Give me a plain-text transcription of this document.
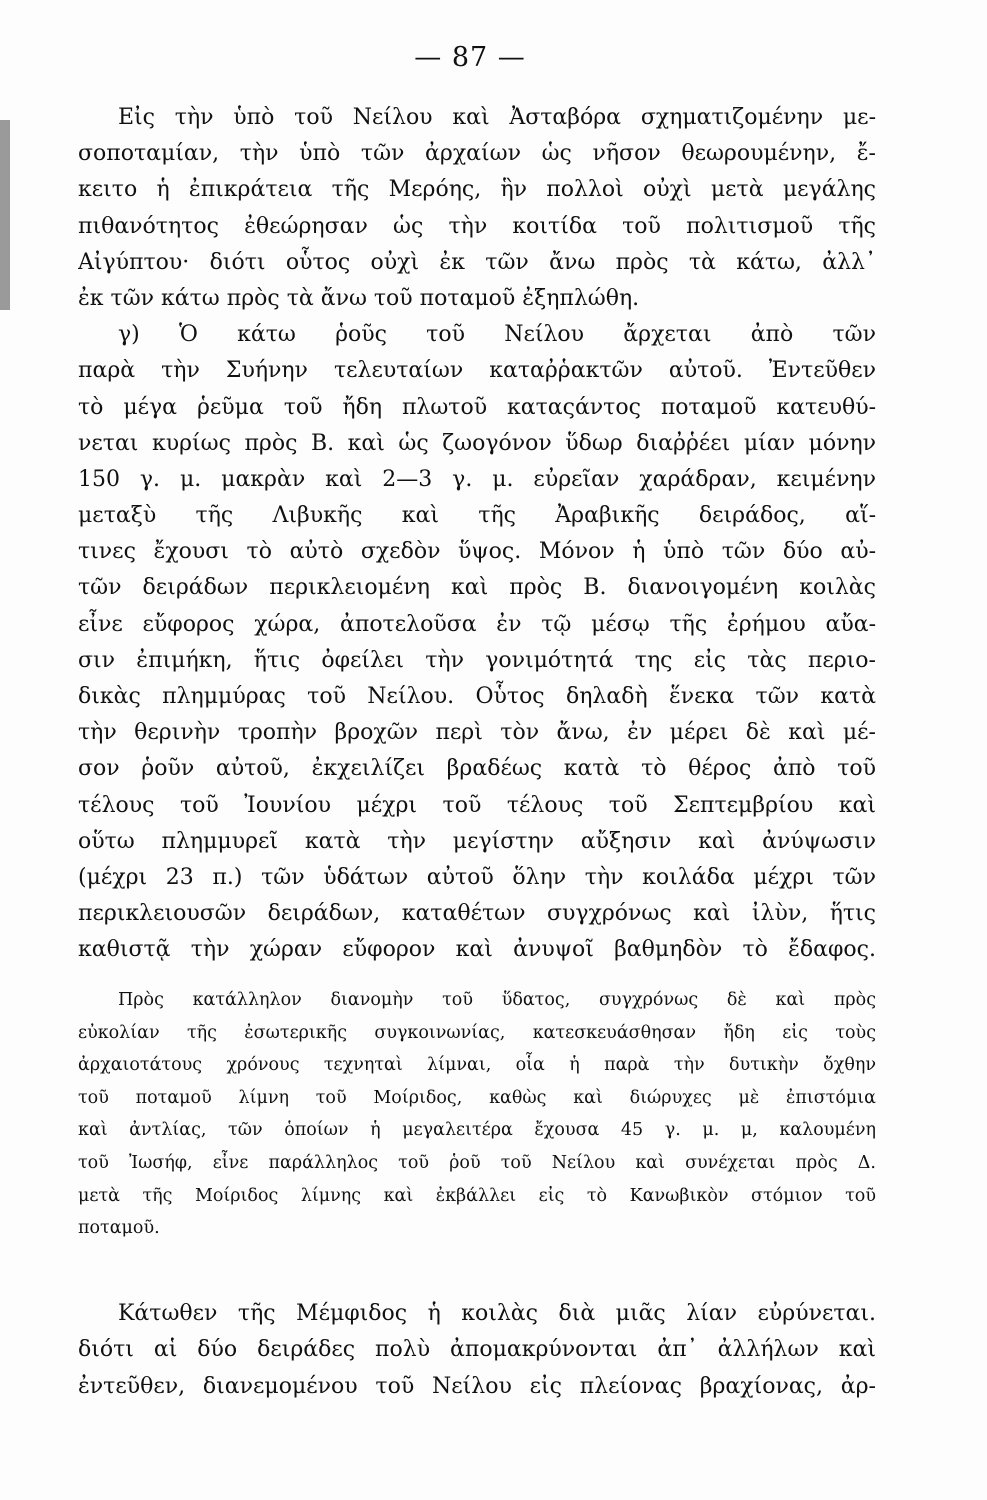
— 87 —
Εἰς τὴν ὑπὸ τοῦ Νείλου καὶ Ἀσταβόρα σχηματιζομένην με-
σοποταμίαν, τὴν ὑπὸ τῶν ἀρχαίων ὡς νῆσον θεωρουμένην, ἔ-
κειτο ἡ ἐπικράτεια τῆς Μερόης, ἣν πολλοὶ οὐχὶ μετὰ μεγάλης
πιθανότητος ἐθεώρησαν ὡς τὴν κοιτίδα τοῦ πολιτισμοῦ τῆς
Αἰγύπτου· διότι οὗτος οὐχὶ ἐκ τῶν ἄνω πρὸς τὰ κάτω, ἀλλ᾽
ἐκ τῶν κάτω πρὸς τὰ ἄνω τοῦ ποταμοῦ ἐξηπλώθη.
γ) Ὁ κάτω ῥοῦς τοῦ Νείλου ἄρχεται ἀπὸ τῶν
παρὰ τὴν Συήνην τελευταίων καταῤῥακτῶν αὐτοῦ. Ἐντεῦθεν
τὸ μέγα ῥεῦμα τοῦ ἤδη πλωτοῦ καταςάντος ποταμοῦ κατευθύ-
νεται κυρίως πρὸς Β. καὶ ὡς ζωογόνον ὕδωρ διαῤῥέει μίαν μόνην
150 γ. μ. μακρὰν καὶ 2—3 γ. μ. εὐρεῖαν χαράδραν, κειμένην
μεταξὺ τῆς Λιβυκῆς καὶ τῆς Ἀραβικῆς δειράδος, αἵ-
τινες ἔχουσι τὸ αὐτὸ σχεδὸν ὕψος. Μόνον ἡ ὑπὸ τῶν δύο αὐ-
τῶν δειράδων περικλειομένη καὶ πρὸς Β. διανοιγομένη κοιλὰς
εἶνε εὔφορος χώρα, ἀποτελοῦσα ἐν τῷ μέσῳ τῆς ἐρήμου αὔα-
σιν ἐπιμήκη, ἥτις ὀφείλει τὴν γονιμότητά της εἰς τὰς περιο-
δικὰς πλημμύρας τοῦ Νείλου. Οὗτος δηλαδὴ ἕνεκα τῶν κατὰ
τὴν θερινὴν τροπὴν βροχῶν περὶ τὸν ἄνω, ἐν μέρει δὲ καὶ μέ-
σον ῥοῦν αὐτοῦ, ἐκχειλίζει βραδέως κατὰ τὸ θέρος ἀπὸ τοῦ
τέλους τοῦ Ἰουνίου μέχρι τοῦ τέλους τοῦ Σεπτεμβρίου καὶ
οὕτω πλημμυρεῖ κατὰ τὴν μεγίστην αὔξησιν καὶ ἀνύψωσιν
(μέχρι 23 π.) τῶν ὑδάτων αὐτοῦ ὅλην τὴν κοιλάδα μέχρι τῶν
περικλειουσῶν δειράδων, καταθέτων συγχρόνως καὶ ἰλὺν, ἥτις
καθιστᾷ τὴν χώραν εὔφορον καὶ ἀνυψοῖ βαθμηδὸν τὸ ἔδαφος.
Πρὸς κατάλληλον διανομὴν τοῦ ὕδατος, συγχρόνως δὲ καὶ πρὸς
εὐκολίαν τῆς ἐσωτερικῆς συγκοινωνίας, κατεσκευάσθησαν ἤδη εἰς τοὺς
ἀρχαιοτάτους χρόνους τεχνηταὶ λίμναι, οἷα ἡ παρὰ τὴν δυτικὴν ὄχθην
τοῦ ποταμοῦ λίμνη τοῦ Μοίριδος, καθὼς καὶ διώρυχες μὲ ἐπιστόμια
καὶ ἀντλίας, τῶν ὁποίων ἡ μεγαλειτέρα ἔχουσα 45 γ. μ. μ, καλουμένη
τοῦ Ἰωσήφ, εἶνε παράλληλος τοῦ ῥοῦ τοῦ Νείλου καὶ συνέχεται πρὸς Δ.
μετὰ τῆς Μοίριδος λίμνης καὶ ἐκβάλλει εἰς τὸ Κανωβικὸν στόμιον τοῦ
ποταμοῦ.
Κάτωθεν τῆς Μέμφιδος ἡ κοιλὰς διὰ μιᾶς λίαν εὐρύνεται.
διότι αἱ δύο δειράδες πολὺ ἀπομακρύνονται ἀπ᾽ ἀλλήλων καὶ
ἐντεῦθεν, διανεμομένου τοῦ Νείλου εἰς πλείονας βραχίονας, ἀρ-
